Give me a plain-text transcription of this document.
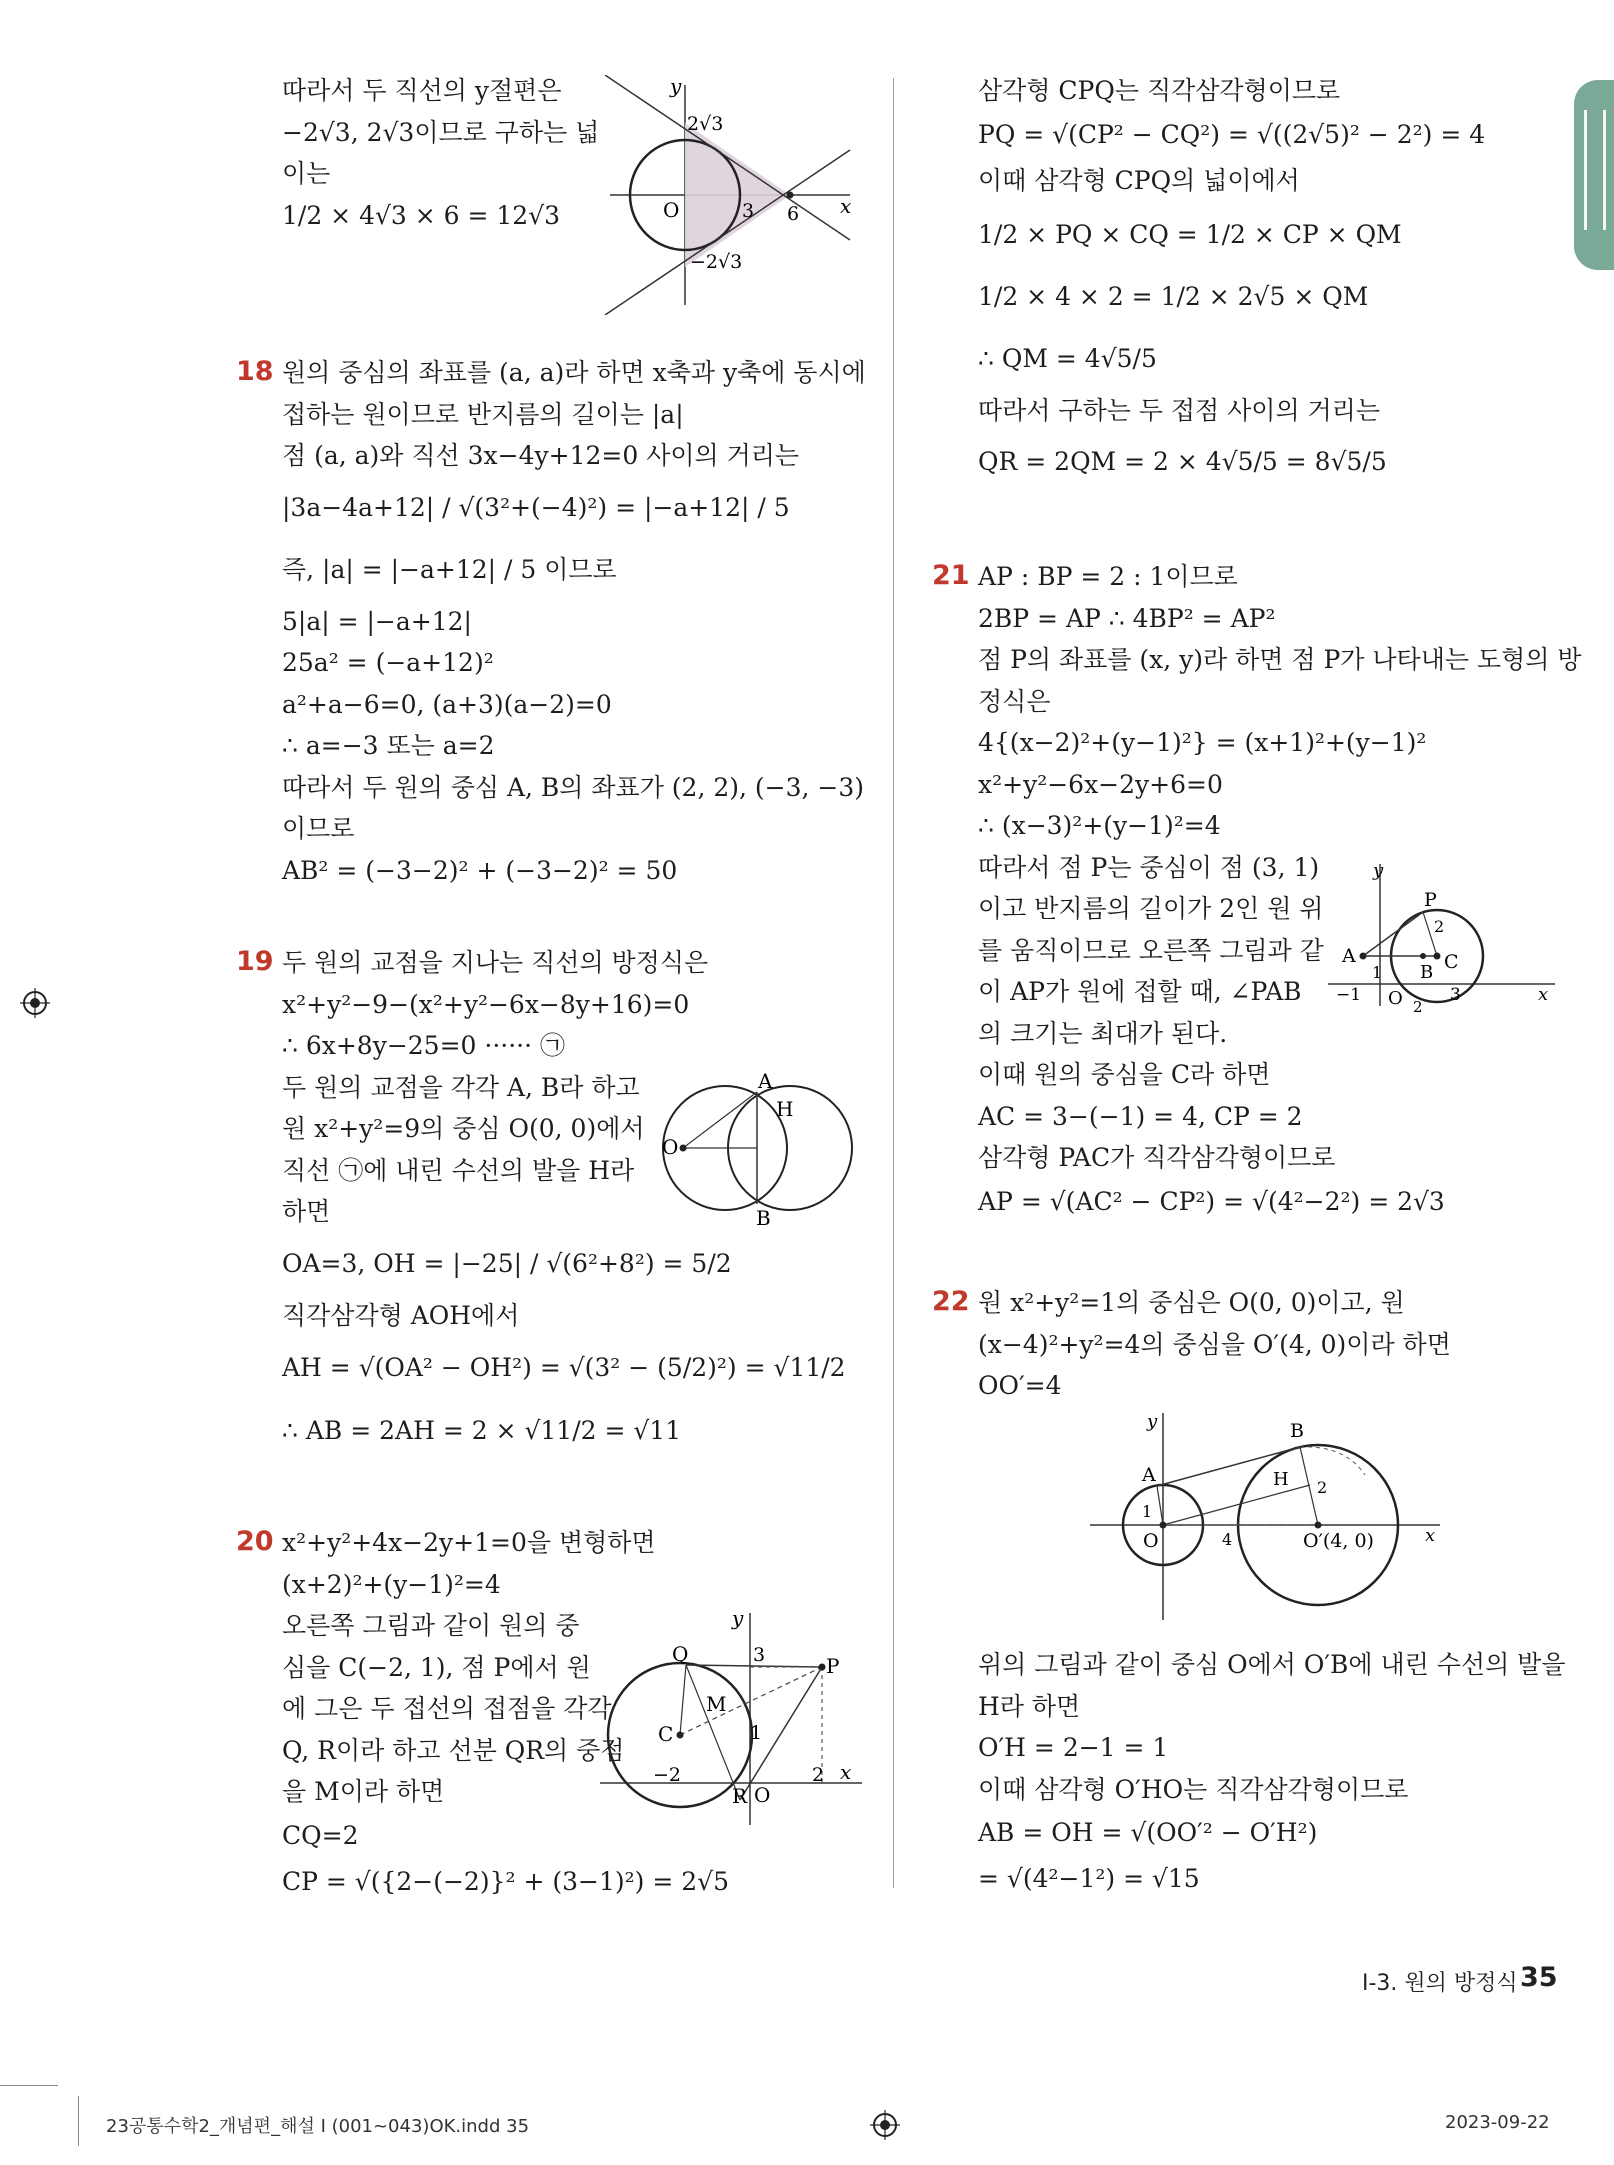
따라서 두 직선의 y절편은
−2√3, 2√3이므로 구하는 넓
이는
1/2 × 4√3 × 6 = 12√3
y
x
O
2√3
3 6
−2√3
18 원의 중심의 좌표를 (a, a)라 하면 x축과 y축에 동시에
접하는 원이므로 반지름의 길이는 |a|
점 (a, a)와 직선 3x−4y+12=0 사이의 거리는
|3a−4a+12| / √(3²+(−4)²) = |−a+12| / 5
즉, |a| = |−a+12| / 5 이므로
5|a| = |−a+12|
25a² = (−a+12)²
a²+a−6=0, (a+3)(a−2)=0
∴ a=−3 또는 a=2
따라서 두 원의 중심 A, B의 좌표가 (2, 2), (−3, −3)
이므로
AB² = (−3−2)² + (−3−2)² = 50
19 두 원의 교점을 지나는 직선의 방정식은
x²+y²−9−(x²+y²−6x−8y+16)=0
∴ 6x+8y−25=0 ······ ㉠
두 원의 교점을 각각 A, B라 하고
원 x²+y²=9의 중심 O(0, 0)에서
직선 ㉠에 내린 수선의 발을 H라
하면
OA=3, OH = |−25| / √(6²+8²) = 5/2
직각삼각형 AOH에서
AH = √(OA² − OH²) = √(3² − (5/2)²) = √11/2
∴ AB = 2AH = 2 × √11/2 = √11
A
B
H
O
20 x²+y²+4x−2y+1=0을 변형하면
(x+2)²+(y−1)²=4
오른쪽 그림과 같이 원의 중
심을 C(−2, 1), 점 P에서 원
에 그은 두 접선의 접점을 각각
Q, R이라 하고 선분 QR의 중점
을 M이라 하면
CQ=2
CP = √({2−(−2)}² + (3−1)²) = 2√5
y
x
Q	P
M
C
R O
3
1
−2	2
삼각형 CPQ는 직각삼각형이므로
PQ = √(CP² − CQ²) = √((2√5)² − 2²) = 4
이때 삼각형 CPQ의 넓이에서
1/2 × PQ × CQ = 1/2 × CP × QM
1/2 × 4 × 2 = 1/2 × 2√5 × QM
∴ QM = 4√5/5
따라서 구하는 두 접점 사이의 거리는
QR = 2QM = 2 × 4√5/5 = 8√5/5
21 AP : BP = 2 : 1이므로
2BP = AP ∴ 4BP² = AP²
점 P의 좌표를 (x, y)라 하면 점 P가 나타내는 도형의 방
정식은
4{(x−2)²+(y−1)²} = (x+1)²+(y−1)²
x²+y²−6x−2y+6=0
∴ (x−3)²+(y−1)²=4
따라서 점 P는 중심이 점 (3, 1)
이고 반지름의 길이가 2인 원 위
를 움직이므로 오른쪽 그림과 같
이 AP가 원에 접할 때, ∠PAB
의 크기는 최대가 된다.
이때 원의 중심을 C라 하면
AC = 3−(−1) = 4, CP = 2
삼각형 PAC가 직각삼각형이므로
AP = √(AC² − CP²) = √(4²−2²) = 2√3
y
x
P
A
B C
O
2
1
−1	3
2
22 원 x²+y²=1의 중심은 O(0, 0)이고, 원
(x−4)²+y²=4의 중심을 O′(4, 0)이라 하면
OO′=4
y
x
A
B
H
O	O′(4, 0)
1
2
4
위의 그림과 같이 중심 O에서 O′B에 내린 수선의 발을
H라 하면
O′H = 2−1 = 1
이때 삼각형 O′HO는 직각삼각형이므로
AB = OH = √(OO′² − O′H²)
= √(4²−1²) = √15
I-3. 원의 방정식 35
23공통수학2_개념편_해설 I (001~043)OK.indd 35	2023-09-22
